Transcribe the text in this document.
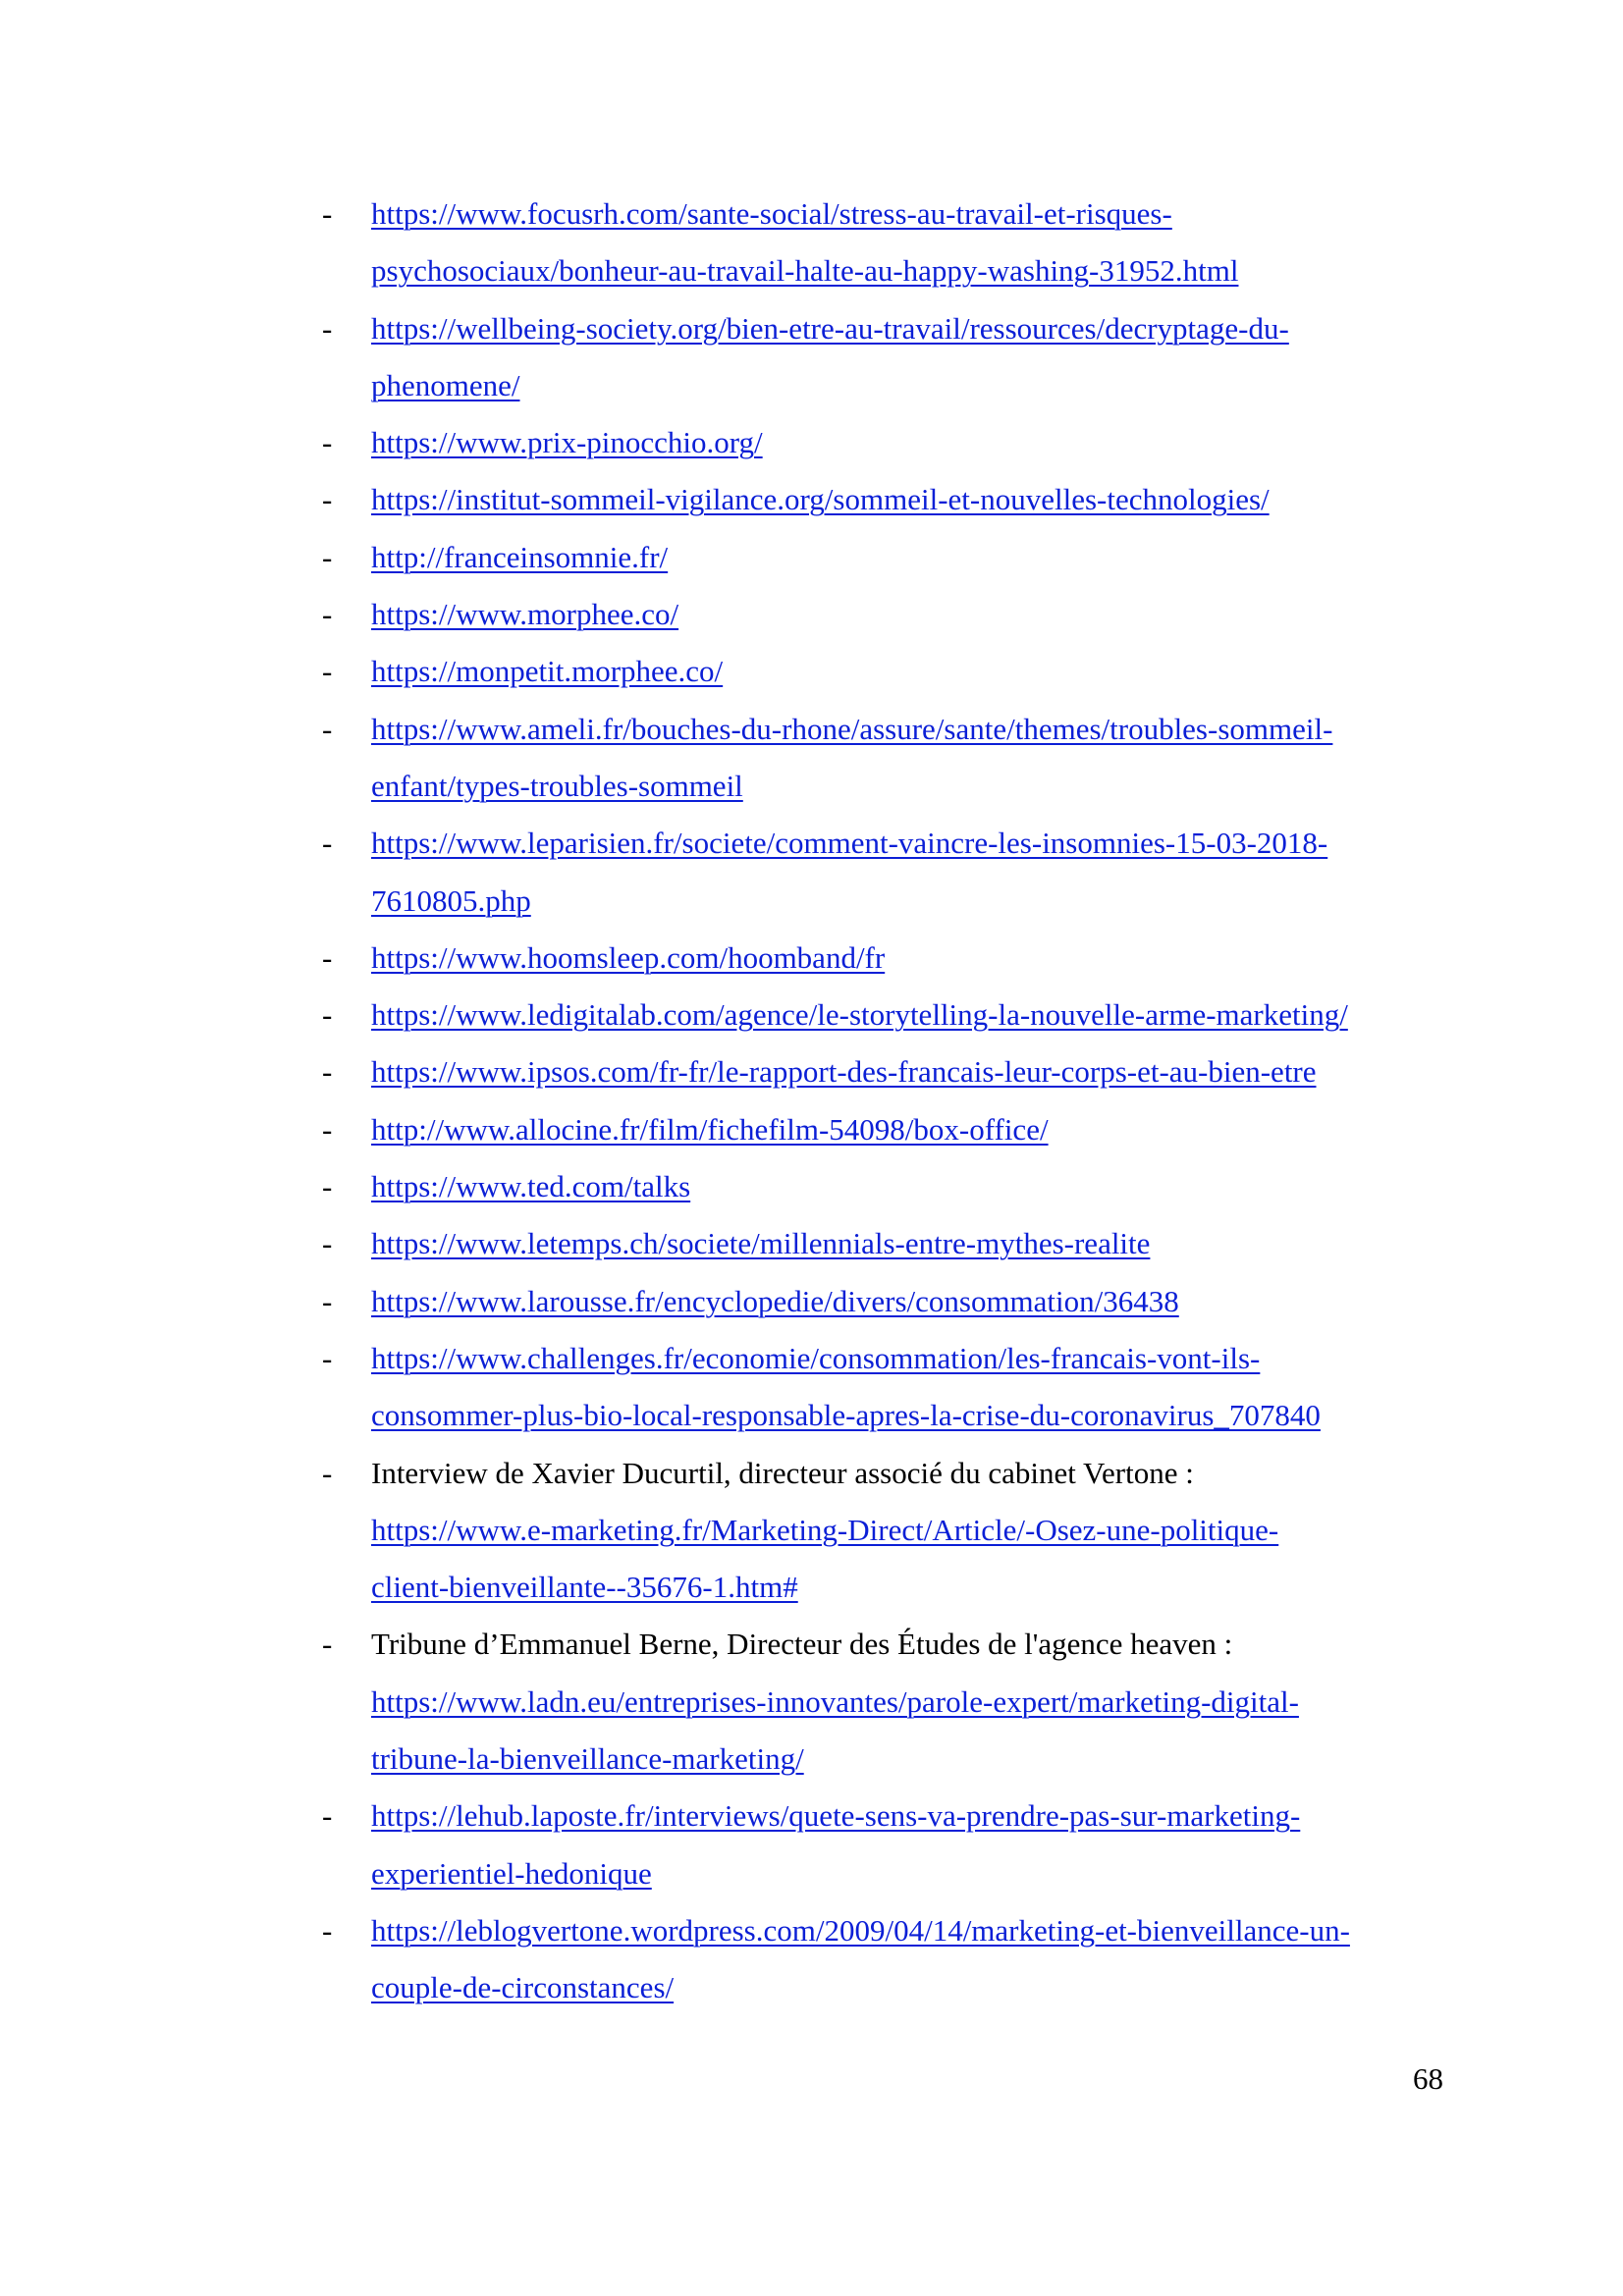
- https://www.focusrh.com/sante-social/stress-au-travail-et-risques-
psychosociaux/bonheur-au-travail-halte-au-happy-washing-31952.html
- https://wellbeing-society.org/bien-etre-au-travail/ressources/decryptage-du-
phenomene/
- https://www.prix-pinocchio.org/
- https://institut-sommeil-vigilance.org/sommeil-et-nouvelles-technologies/
- http://franceinsomnie.fr/
- https://www.morphee.co/
- https://monpetit.morphee.co/
- https://www.ameli.fr/bouches-du-rhone/assure/sante/themes/troubles-sommeil-
enfant/types-troubles-sommeil
- https://www.leparisien.fr/societe/comment-vaincre-les-insomnies-15-03-2018-
7610805.php
- https://www.hoomsleep.com/hoomband/fr
- https://www.ledigitalab.com/agence/le-storytelling-la-nouvelle-arme-marketing/
- https://www.ipsos.com/fr-fr/le-rapport-des-francais-leur-corps-et-au-bien-etre
- http://www.allocine.fr/film/fichefilm-54098/box-office/
- https://www.ted.com/talks
- https://www.letemps.ch/societe/millennials-entre-mythes-realite
- https://www.larousse.fr/encyclopedie/divers/consommation/36438
- https://www.challenges.fr/economie/consommation/les-francais-vont-ils-
consommer-plus-bio-local-responsable-apres-la-crise-du-coronavirus_707840
- Interview de Xavier Ducurtil, directeur associé du cabinet Vertone :
https://www.e-marketing.fr/Marketing-Direct/Article/-Osez-une-politique-
client-bienveillante--35676-1.htm#
- Tribune d’Emmanuel Berne, Directeur des Études de l'agence heaven :
https://www.ladn.eu/entreprises-innovantes/parole-expert/marketing-digital-
tribune-la-bienveillance-marketing/
- https://lehub.laposte.fr/interviews/quete-sens-va-prendre-pas-sur-marketing-
experientiel-hedonique
- https://leblogvertone.wordpress.com/2009/04/14/marketing-et-bienveillance-un-
couple-de-circonstances/
68
